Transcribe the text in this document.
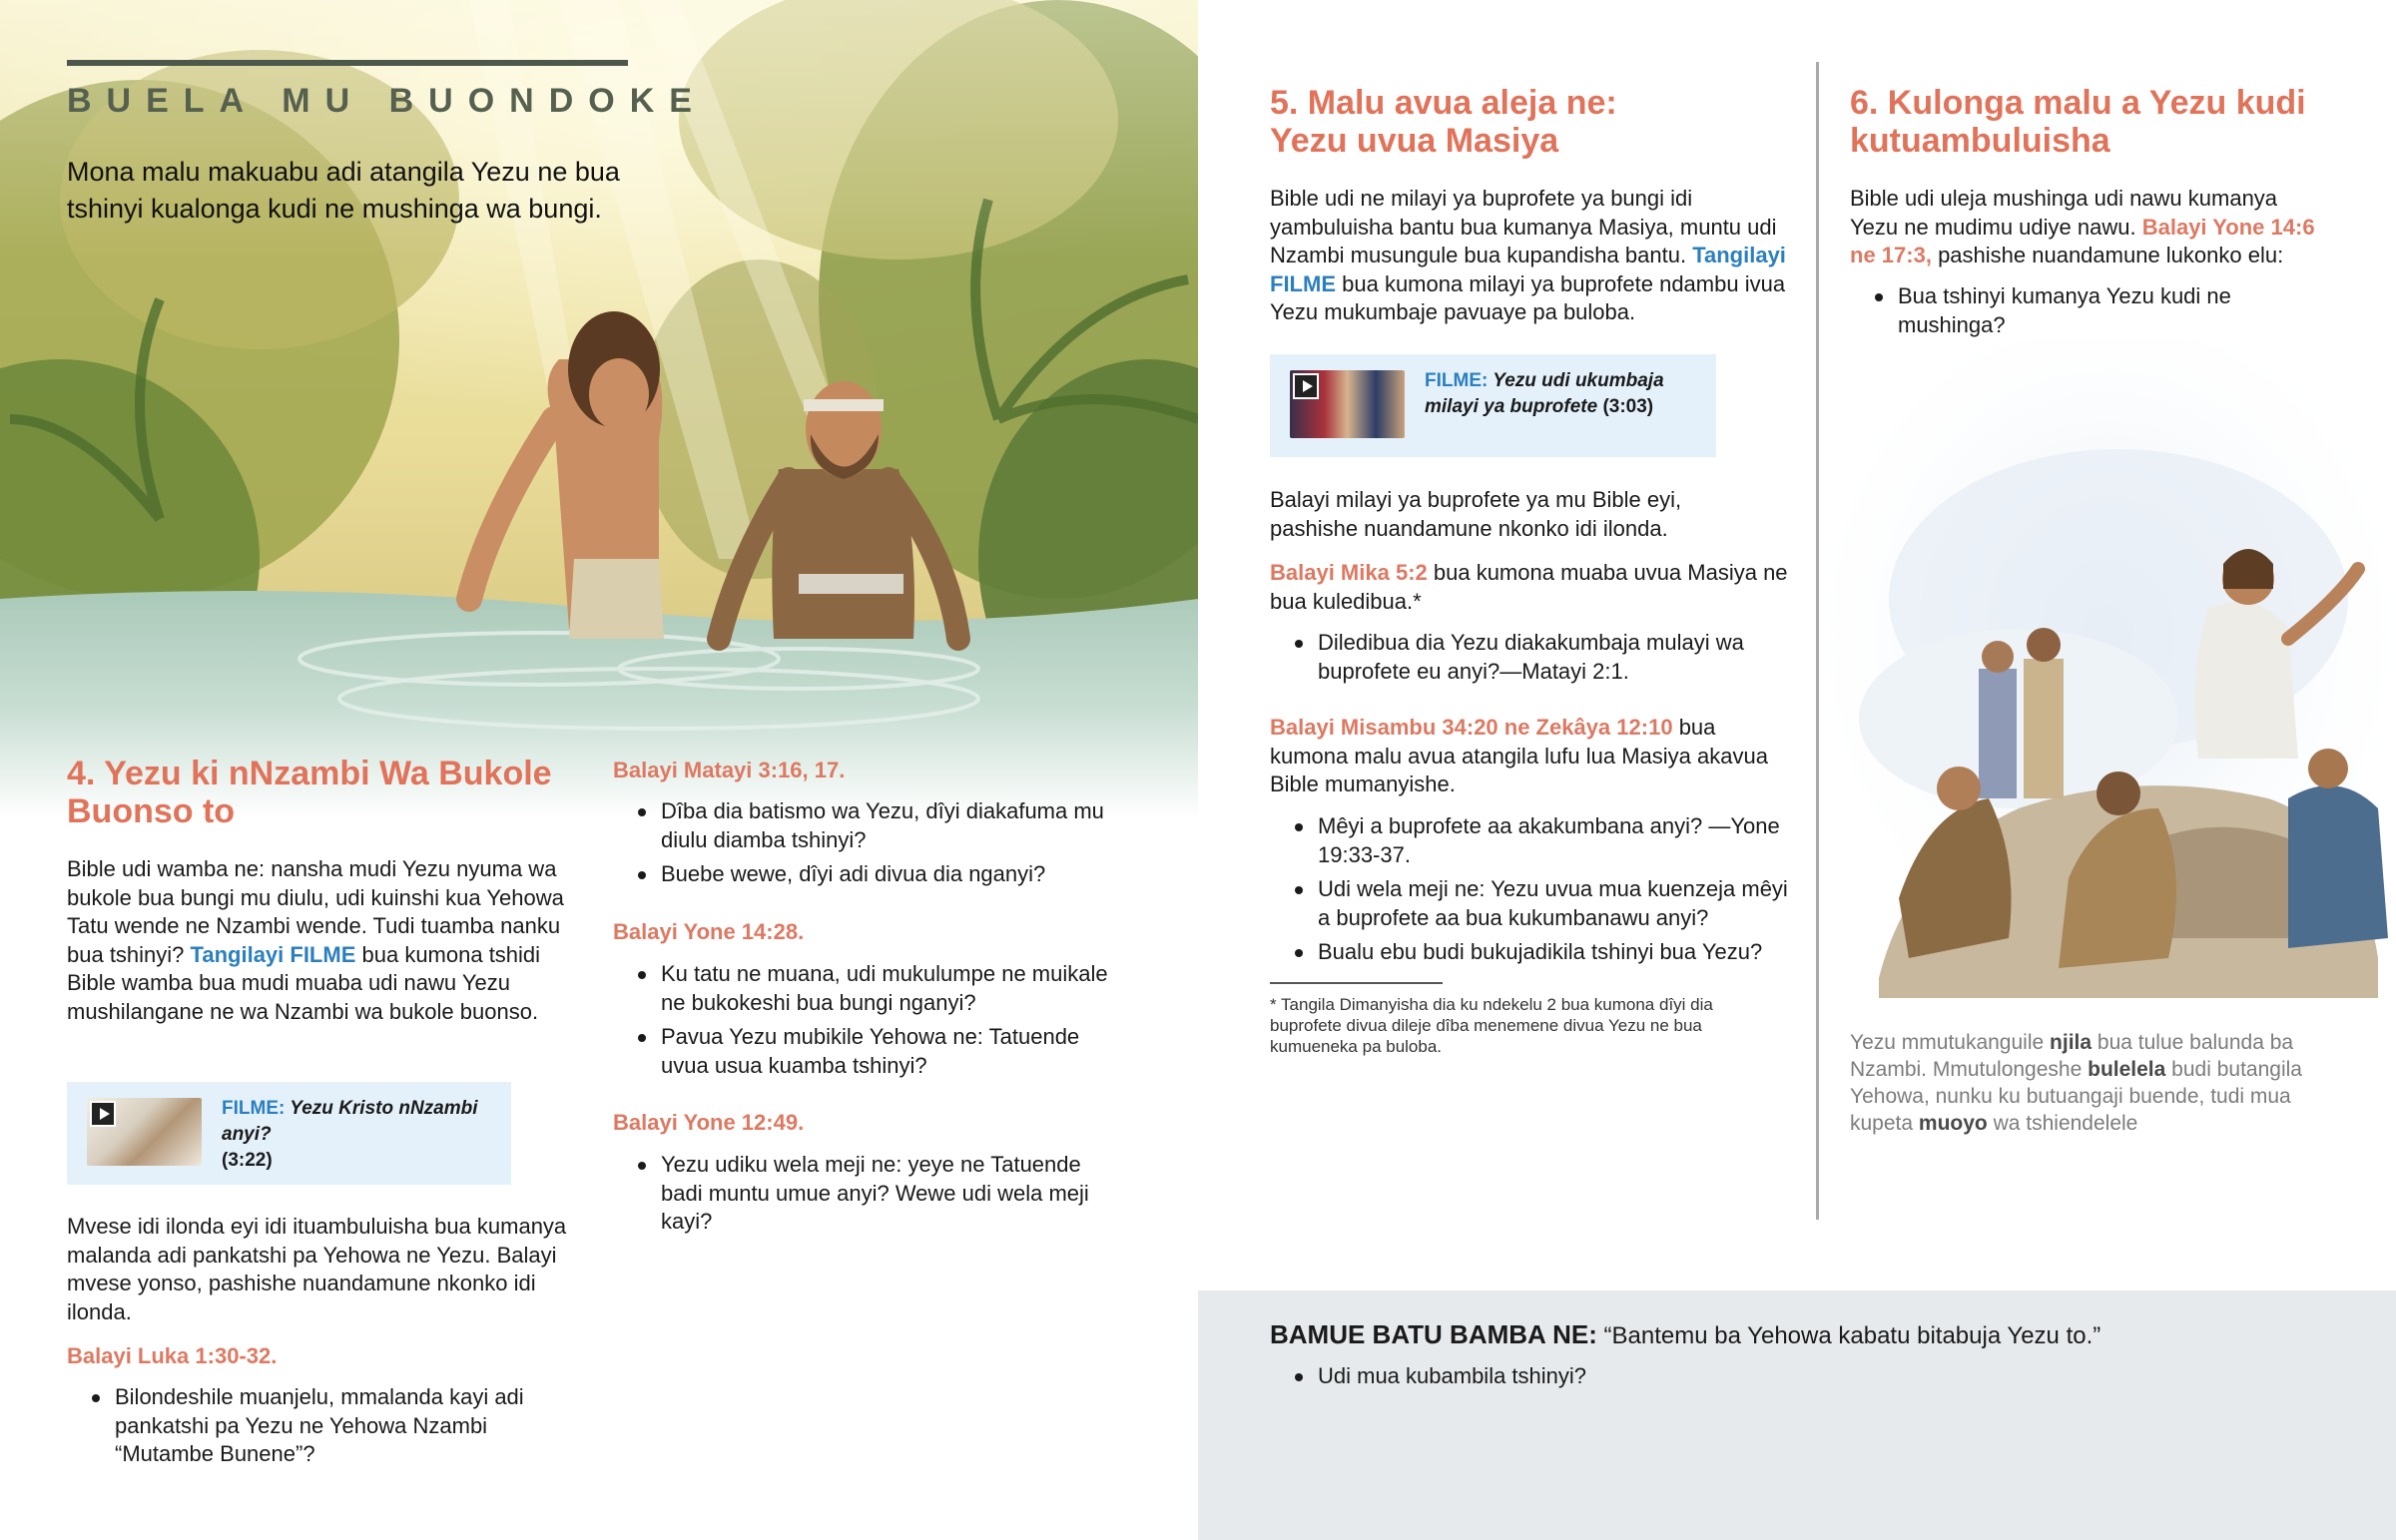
BUELA MU BUONDOKE
Mona malu makuabu adi atangila Yezu ne bua tshinyi kualonga kudi ne mushinga wa bungi.
4. Yezu ki nNzambi Wa Bukole Buonso to
Bible udi wamba ne: nansha mudi Yezu nyuma wa bukole bua bungi mu diulu, udi kuinshi kua Yehowa Tatu wende ne Nzambi wende. Tudi tuamba nanku bua tshinyi? Tangilayi FILME bua kumona tshidi Bible wamba bua mudi muaba udi nawu Yezu mushilangane ne wa Nzambi wa bukole buonso.
FILME: Yezu Kristo nNzambi anyi?
(3:22)
Mvese idi ilonda eyi idi ituambuluisha bua kumanya malanda adi pankatshi pa Yehowa ne Yezu. Balayi mvese yonso, pashishe nuandamune nkonko idi ilonda.
Balayi Luka 1:30-32.
Bilondeshile muanjelu, mmalanda kayi adi pankatshi pa Yezu ne Yehowa Nzambi “Mutambe Bunene”?
Balayi Matayi 3:16, 17.
Dîba dia batismo wa Yezu, dîyi diakafuma mu diulu diamba tshinyi?
Buebe wewe, dîyi adi divua dia nganyi?
Balayi Yone 14:28.
Ku tatu ne muana, udi mukulumpe ne muikale ne bukokeshi bua bungi nganyi?
Pavua Yezu mubikile Yehowa ne: Tatuende uvua usua kuamba tshinyi?
Balayi Yone 12:49.
Yezu udiku wela meji ne: yeye ne Tatuende badi muntu umue anyi? Wewe udi wela meji kayi?
5. Malu avua aleja ne:
Yezu uvua Masiya
Bible udi ne milayi ya buprofete ya bungi idi yambuluisha bantu bua kumanya Masiya, muntu udi Nzambi musungule bua kupandisha bantu. Tangilayi FILME bua kumona milayi ya buprofete ndambu ivua Yezu mukumbaje pavuaye pa buloba.
FILME: Yezu udi ukumbaja milayi ya buprofete (3:03)
Balayi milayi ya buprofete ya mu Bible eyi, pashishe nuandamune nkonko idi ilonda.
Balayi Mika 5:2 bua kumona muaba uvua Masiya ne bua kuledibua.*
Diledibua dia Yezu diakakumbaja mulayi wa buprofete eu anyi?—Matayi 2:1.
Balayi Misambu 34:20 ne Zekâya 12:10 bua kumona malu avua atangila lufu lua Masiya akavua Bible mumanyishe.
Mêyi a buprofete aa akakumbana anyi? —Yone 19:33-37.
Udi wela meji ne: Yezu uvua mua kuenzeja mêyi a buprofete aa bua kukumbanawu anyi?
Bualu ebu budi bukujadikila tshinyi bua Yezu?
* Tangila Dimanyisha dia ku ndekelu 2 bua kumona dîyi dia buprofete divua dileje dîba menemene divua Yezu ne bua kumueneka pa buloba.
6. Kulonga malu a Yezu kudi
kutuambuluisha
Bible udi uleja mushinga udi nawu kumanya Yezu ne mudimu udiye nawu. Balayi Yone 14:6 ne 17:3, pashishe nuandamune lukonko elu:
Bua tshinyi kumanya Yezu kudi ne mushinga?
Yezu mmutukanguile njila bua tulue balunda ba Nzambi. Mmutulongeshe bulelela budi butangila Yehowa, nunku ku butuangaji buende, tudi mua kupeta muoyo wa tshiendelele
BAMUE BATU BAMBA NE: “Bantemu ba Yehowa kabatu bitabuja Yezu to.”
Udi mua kubambila tshinyi?
